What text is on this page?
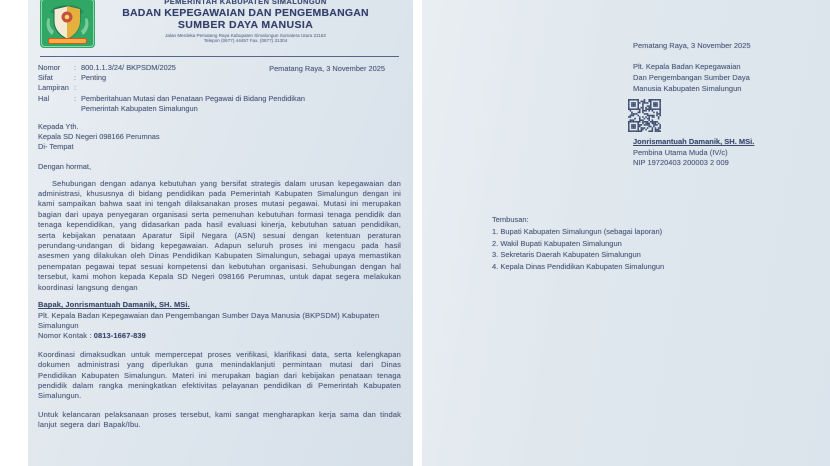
PEMERINTAH KABUPATEN SIMALUNGUN
BADAN KEPEGAWAIAN DAN PENGEMBANGAN
SUMBER DAYA MANUSIA
Jalan Merdeka Pematang Raya Kabupaten Simalungun Sumatera Utara 21162
Telepon (0677) 44457 Fax. (0677) 31304
Pematang Raya, 3 November 2025
Nomor	: 800.1.1.3/24/ BKPSDM/2025
Sifat	: Penting
Lampiran :
Hal	: Pemberitahuan Mutasi dan Penataan Pegawai di Bidang Pendidikan Pemerintah Kabupaten Simalungun
Kepada Yth.
Kepala SD Negeri 098166 Perumnas
Di- Tempat
Dengan hormat,
Sehubungan dengan adanya kebutuhan yang bersifat strategis dalam urusan kepegawaian dan administrasi, khususnya di bidang pendidikan pada Pemerintah Kabupaten Simalungun dengan ini kami sampaikan bahwa saat ini tengah dilaksanakan proses mutasi pegawai. Mutasi ini merupakan bagian dari upaya penyegaran organisasi serta pemenuhan kebutuhan formasi tenaga pendidik dan tenaga kependidikan, yang didasarkan pada hasil evaluasi kinerja, kebutuhan satuan pendidikan, serta kebijakan penataan Aparatur Sipil Negara (ASN) sesuai dengan ketentuan peraturan perundang-undangan di bidang kepegawaian. Adapun seluruh proses ini mengacu pada hasil asesmen yang dilakukan oleh Dinas Pendidikan Kabupaten Simalungun, sebagai upaya memastikan penempatan pegawai tepat sesuai kompetensi dan kebutuhan organisasi. Sehubungan dengan hal tersebut, kami mohon kepada Kepala SD Negeri 098166 Perumnas, untuk dapat segera melakukan koordinasi langsung dengan
Bapak, Jonrismantuah Damanik, SH. MSi.
Plt. Kepala Badan Kepegawaian dan Pengembangan Sumber Daya Manusia (BKPSDM) Kabupaten Simalungun
Nomor Kontak : 0813-1667-839
Koordinasi dimaksudkan untuk mempercepat proses verifikasi, klarifikasi data, serta kelengkapan dokumen administrasi yang diperlukan guna menindaklanjuti permintaan mutasi dari Dinas Pendidikan Kabupaten Simalungun. Materi ini merupakan bagian dari kebijakan penataan tenaga pendidik dalam rangka meningkatkan efektivitas pelayanan pendidikan di Pemerintah Kabupaten Simalungun.
Untuk kelancaran pelaksanaan proses tersebut, kami sangat mengharapkan kerja sama dan tindak lanjut segera dari Bapak/Ibu.
Pematang Raya, 3 November 2025
Plt. Kepala Badan Kepegawaian
Dan Pengembangan Sumber Daya
Manusia Kabupaten Simalungun
Jonrismantuah Damanik, SH. MSi.
Pembina Utama Muda (IV/c)
NIP 19720403 200003 2 009
Tembusan:
1. Bupati Kabupaten Simalungun (sebagai laporan)
2. Wakil Bupati Kabupaten Simalungun
3. Sekretaris Daerah Kabupaten Simalungun
4. Kepala Dinas Pendidikan Kabupaten Simalungun
